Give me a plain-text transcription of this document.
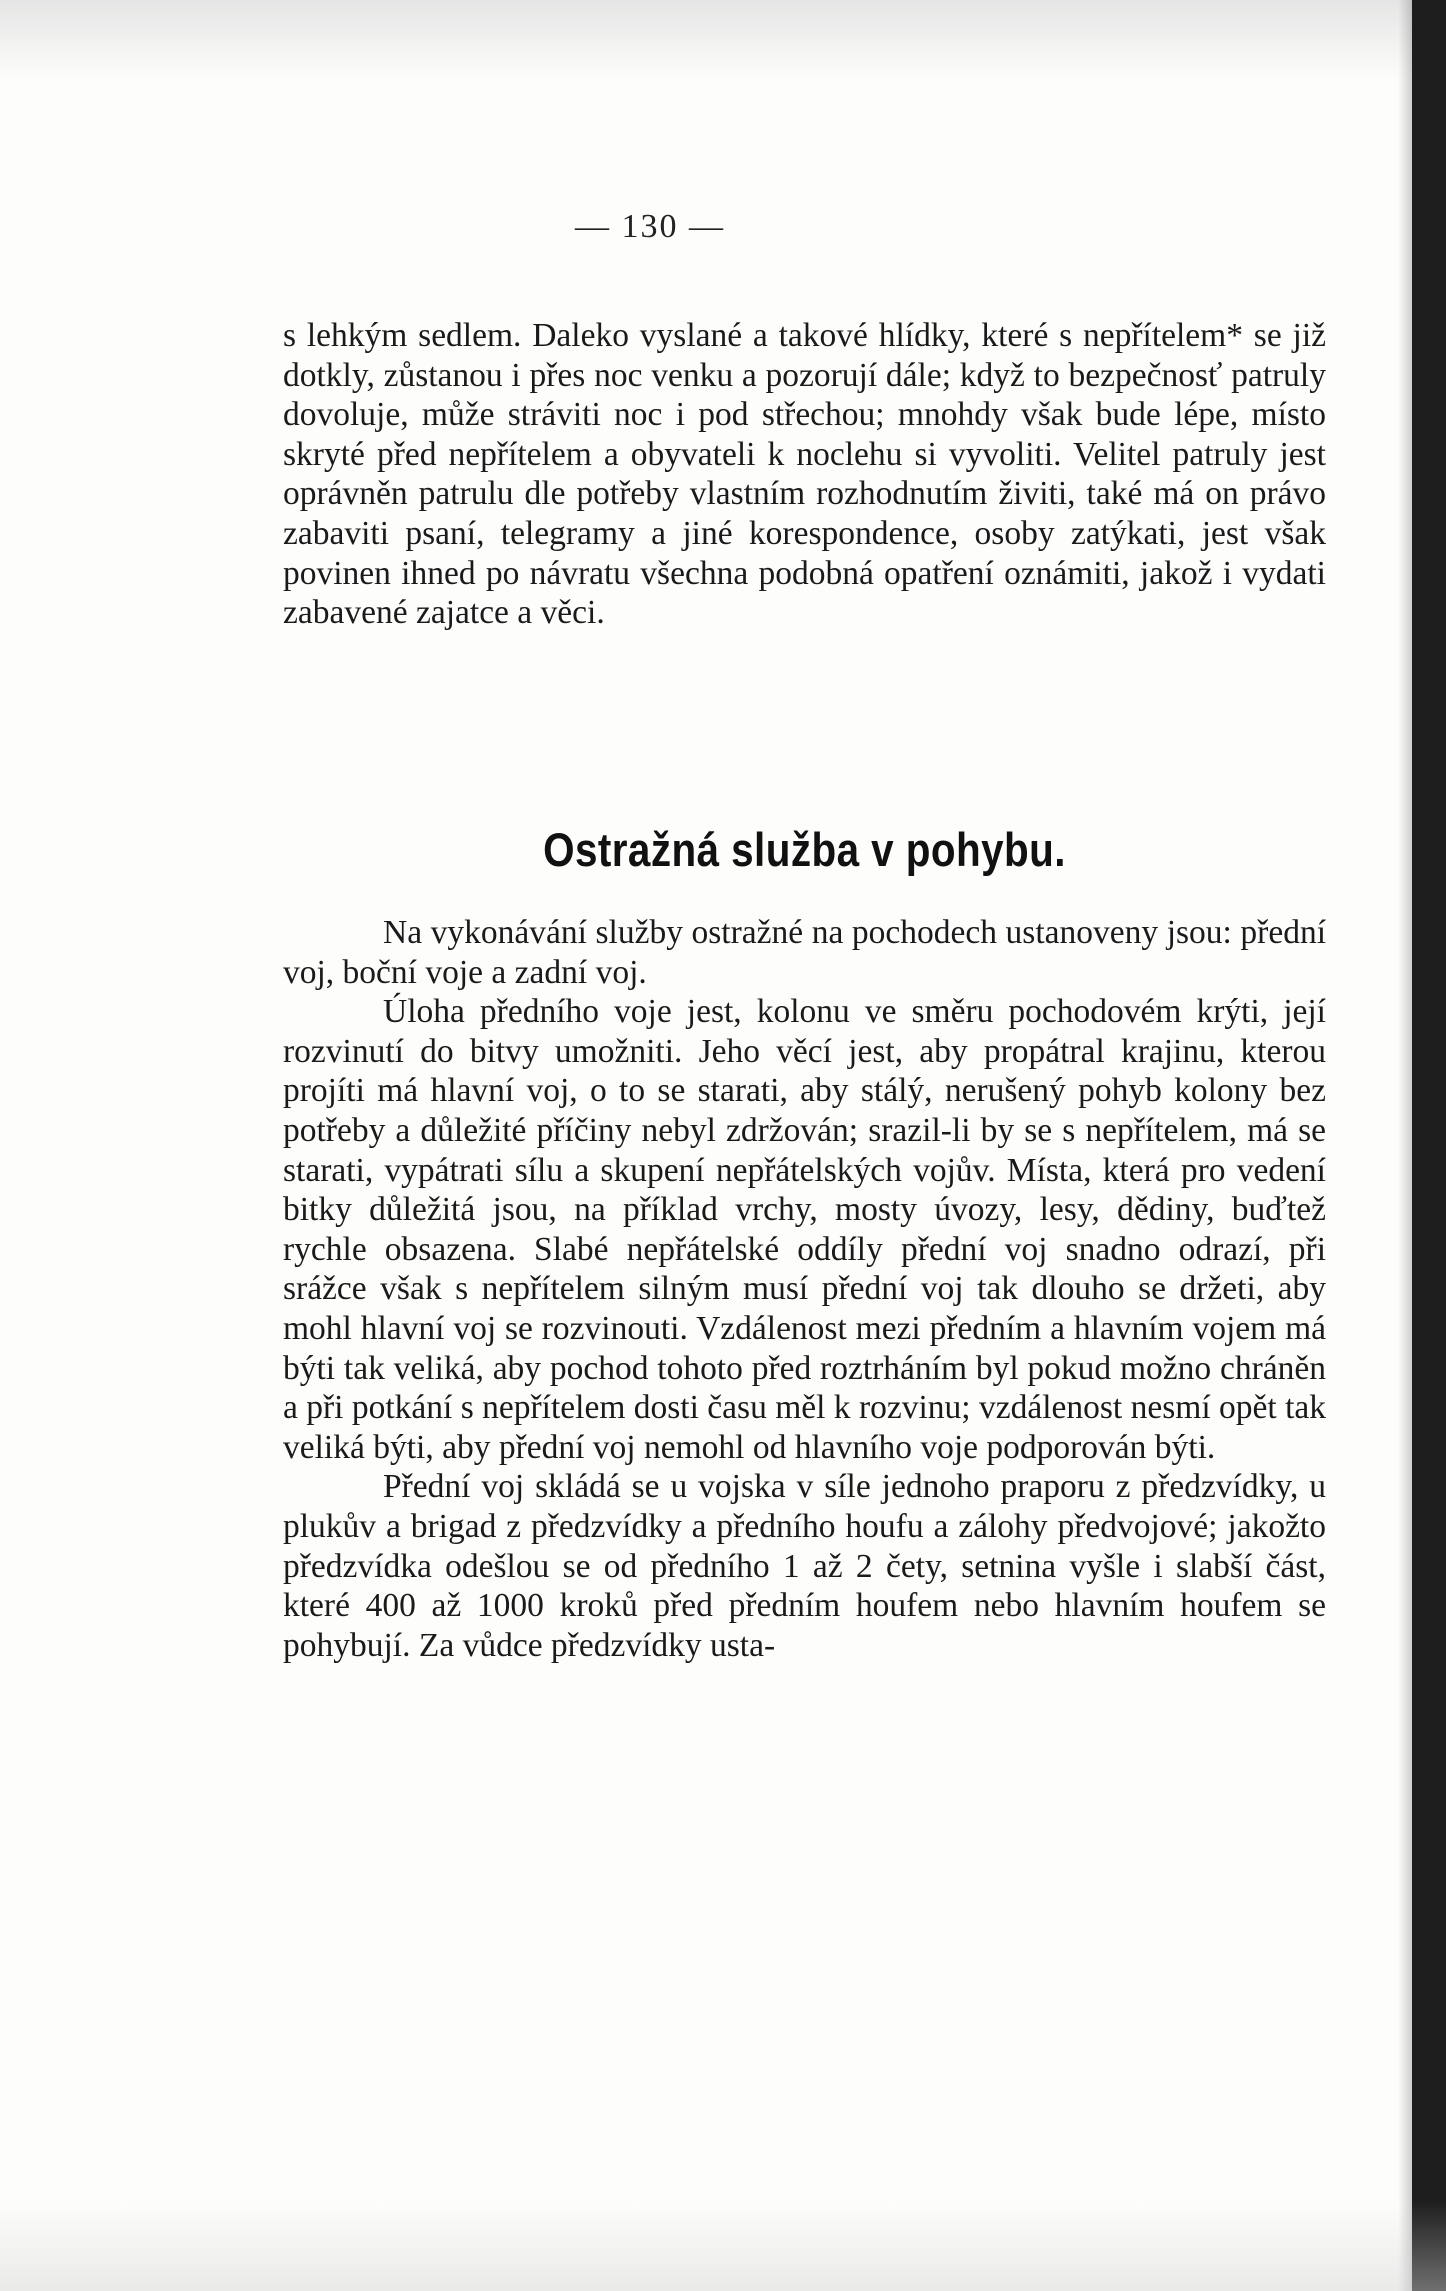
— 130 —

s lehkým sedlem. Daleko vyslané a takové hlídky, které s nepřítelem* se již dotkly, zůstanou i přes noc venku a pozorují dále; když to bezpečnosť patruly dovoluje, může stráviti noc i pod střechou; mnohdy však bude lépe, místo skryté před nepřítelem a obyvateli k noclehu si vyvoliti. Velitel patruly jest oprávněn patrulu dle potřeby vlastním rozhodnutím živiti, také má on právo zabaviti psaní, telegramy a jiné korespondence, osoby zatýkati, jest však povinen ihned po návratu všechna podobná opatření oznámiti, jakož i vydati zabavené zajatce a věci.

Ostražná služba v pohybu.

Na vykonávání služby ostražné na pochodech ustanoveny jsou: přední voj, boční voje a zadní voj.

Úloha předního voje jest, kolonu ve směru pochodovém krýti, její rozvinutí do bitvy umožniti. Jeho věcí jest, aby propátral krajinu, kterou projíti má hlavní voj, o to se starati, aby stálý, nerušený pohyb kolony bez potřeby a důležité příčiny nebyl zdržován; srazil-li by se s nepřítelem, má se starati, vypátrati sílu a skupení nepřátelských vojův. Místa, která pro vedení bitky důležitá jsou, na příklad vrchy, mosty úvozy, lesy, dědiny, buďtež rychle obsazena. Slabé nepřátelské oddíly přední voj snadno odrazí, při srážce však s nepřítelem silným musí přední voj tak dlouho se držeti, aby mohl hlavní voj se rozvinouti. Vzdálenost mezi předním a hlavním vojem má býti tak veliká, aby pochod tohoto před roztrháním byl pokud možno chráněn a při potkání s nepřítelem dosti času měl k rozvinu; vzdálenost nesmí opět tak veliká býti, aby přední voj nemohl od hlavního voje podporován býti.

Přední voj skládá se u vojska v síle jednoho praporu z předzvídky, u plukův a brigad z předzvídky a předního houfu a zálohy předvojové; jakožto předzvídka odešlou se od předního 1 až 2 čety, setnina vyšle i slabší část, které 400 až 1000 kroků před předním houfem nebo hlavním houfem se pohybují. Za vůdce předzvídky usta-
